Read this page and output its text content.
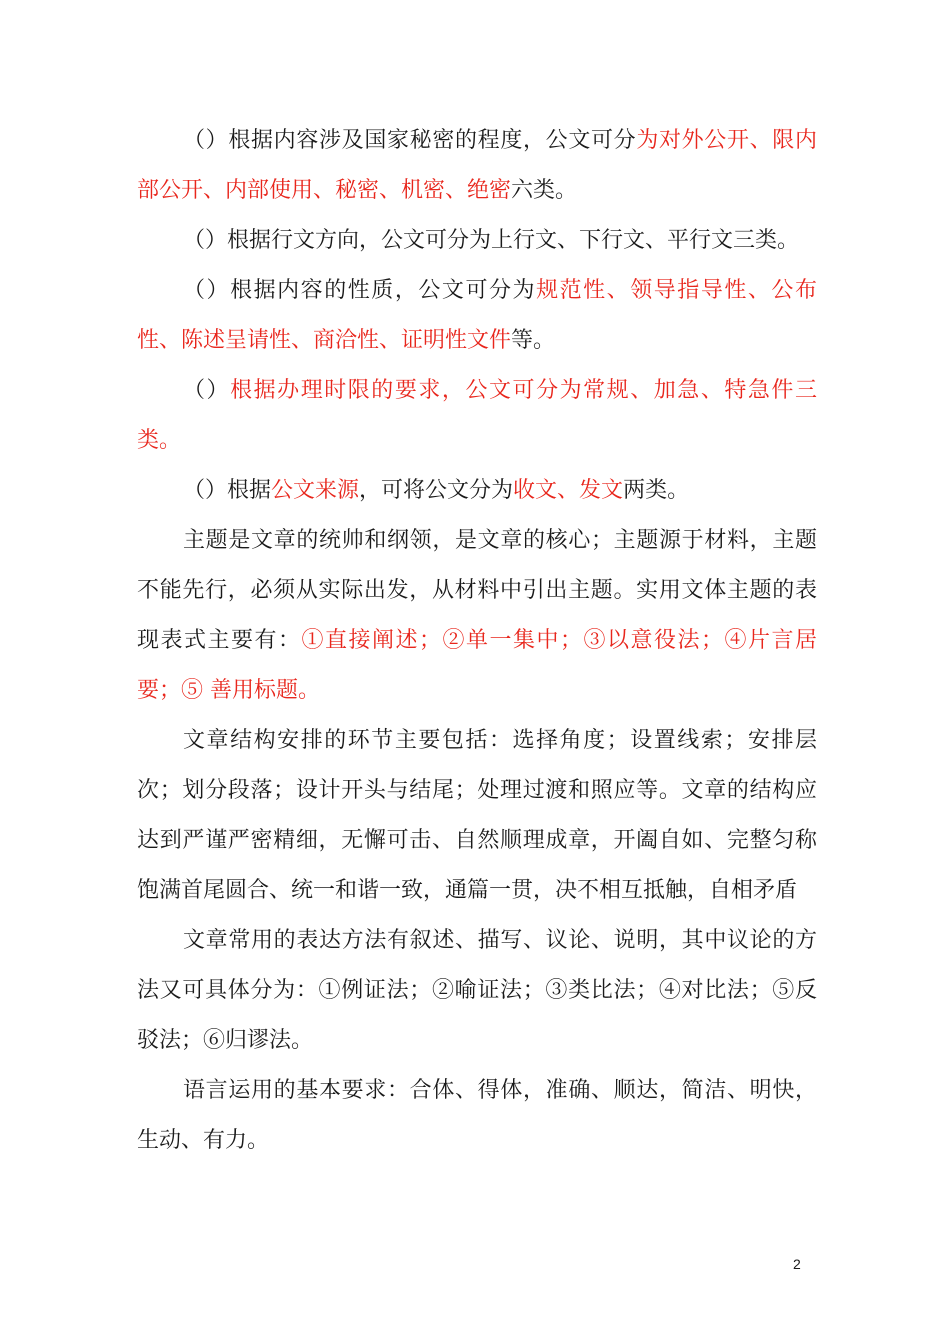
（）根据内容涉及国家秘密的程度，公文可分为对外公开、限内部公开、内部使用、秘密、机密、绝密六类。

（）根据行文方向，公文可分为上行文、下行文、平行文三类。

（）根据内容的性质，公文可分为规范性、领导指导性、公布性、陈述呈请性、商洽性、证明性文件等。

（）根据办理时限的要求，公文可分为常规、加急、特急件三类。

（）根据公文来源，可将公文分为收文、发文两类。

主题是文章的统帅和纲领，是文章的核心；主题源于材料，主题不能先行，必须从实际出发，从材料中引出主题。实用文体主题的表现表式主要有：①直接阐述；②单一集中；③以意役法；④片言居要；⑤ 善用标题。

文章结构安排的环节主要包括：选择角度；设置线索；安排层次；划分段落；设计开头与结尾；处理过渡和照应等。文章的结构应达到严谨严密精细，无懈可击、自然顺理成章，开阖自如、完整匀称饱满首尾圆合、统一和谐一致，通篇一贯，决不相互抵触，自相矛盾

文章常用的表达方法有叙述、描写、议论、说明，其中议论的方法又可具体分为：①例证法；②喻证法；③类比法；④对比法；⑤反驳法；⑥归谬法。

语言运用的基本要求：合体、得体，准确、顺达，简洁、明快，生动、有力。

2
